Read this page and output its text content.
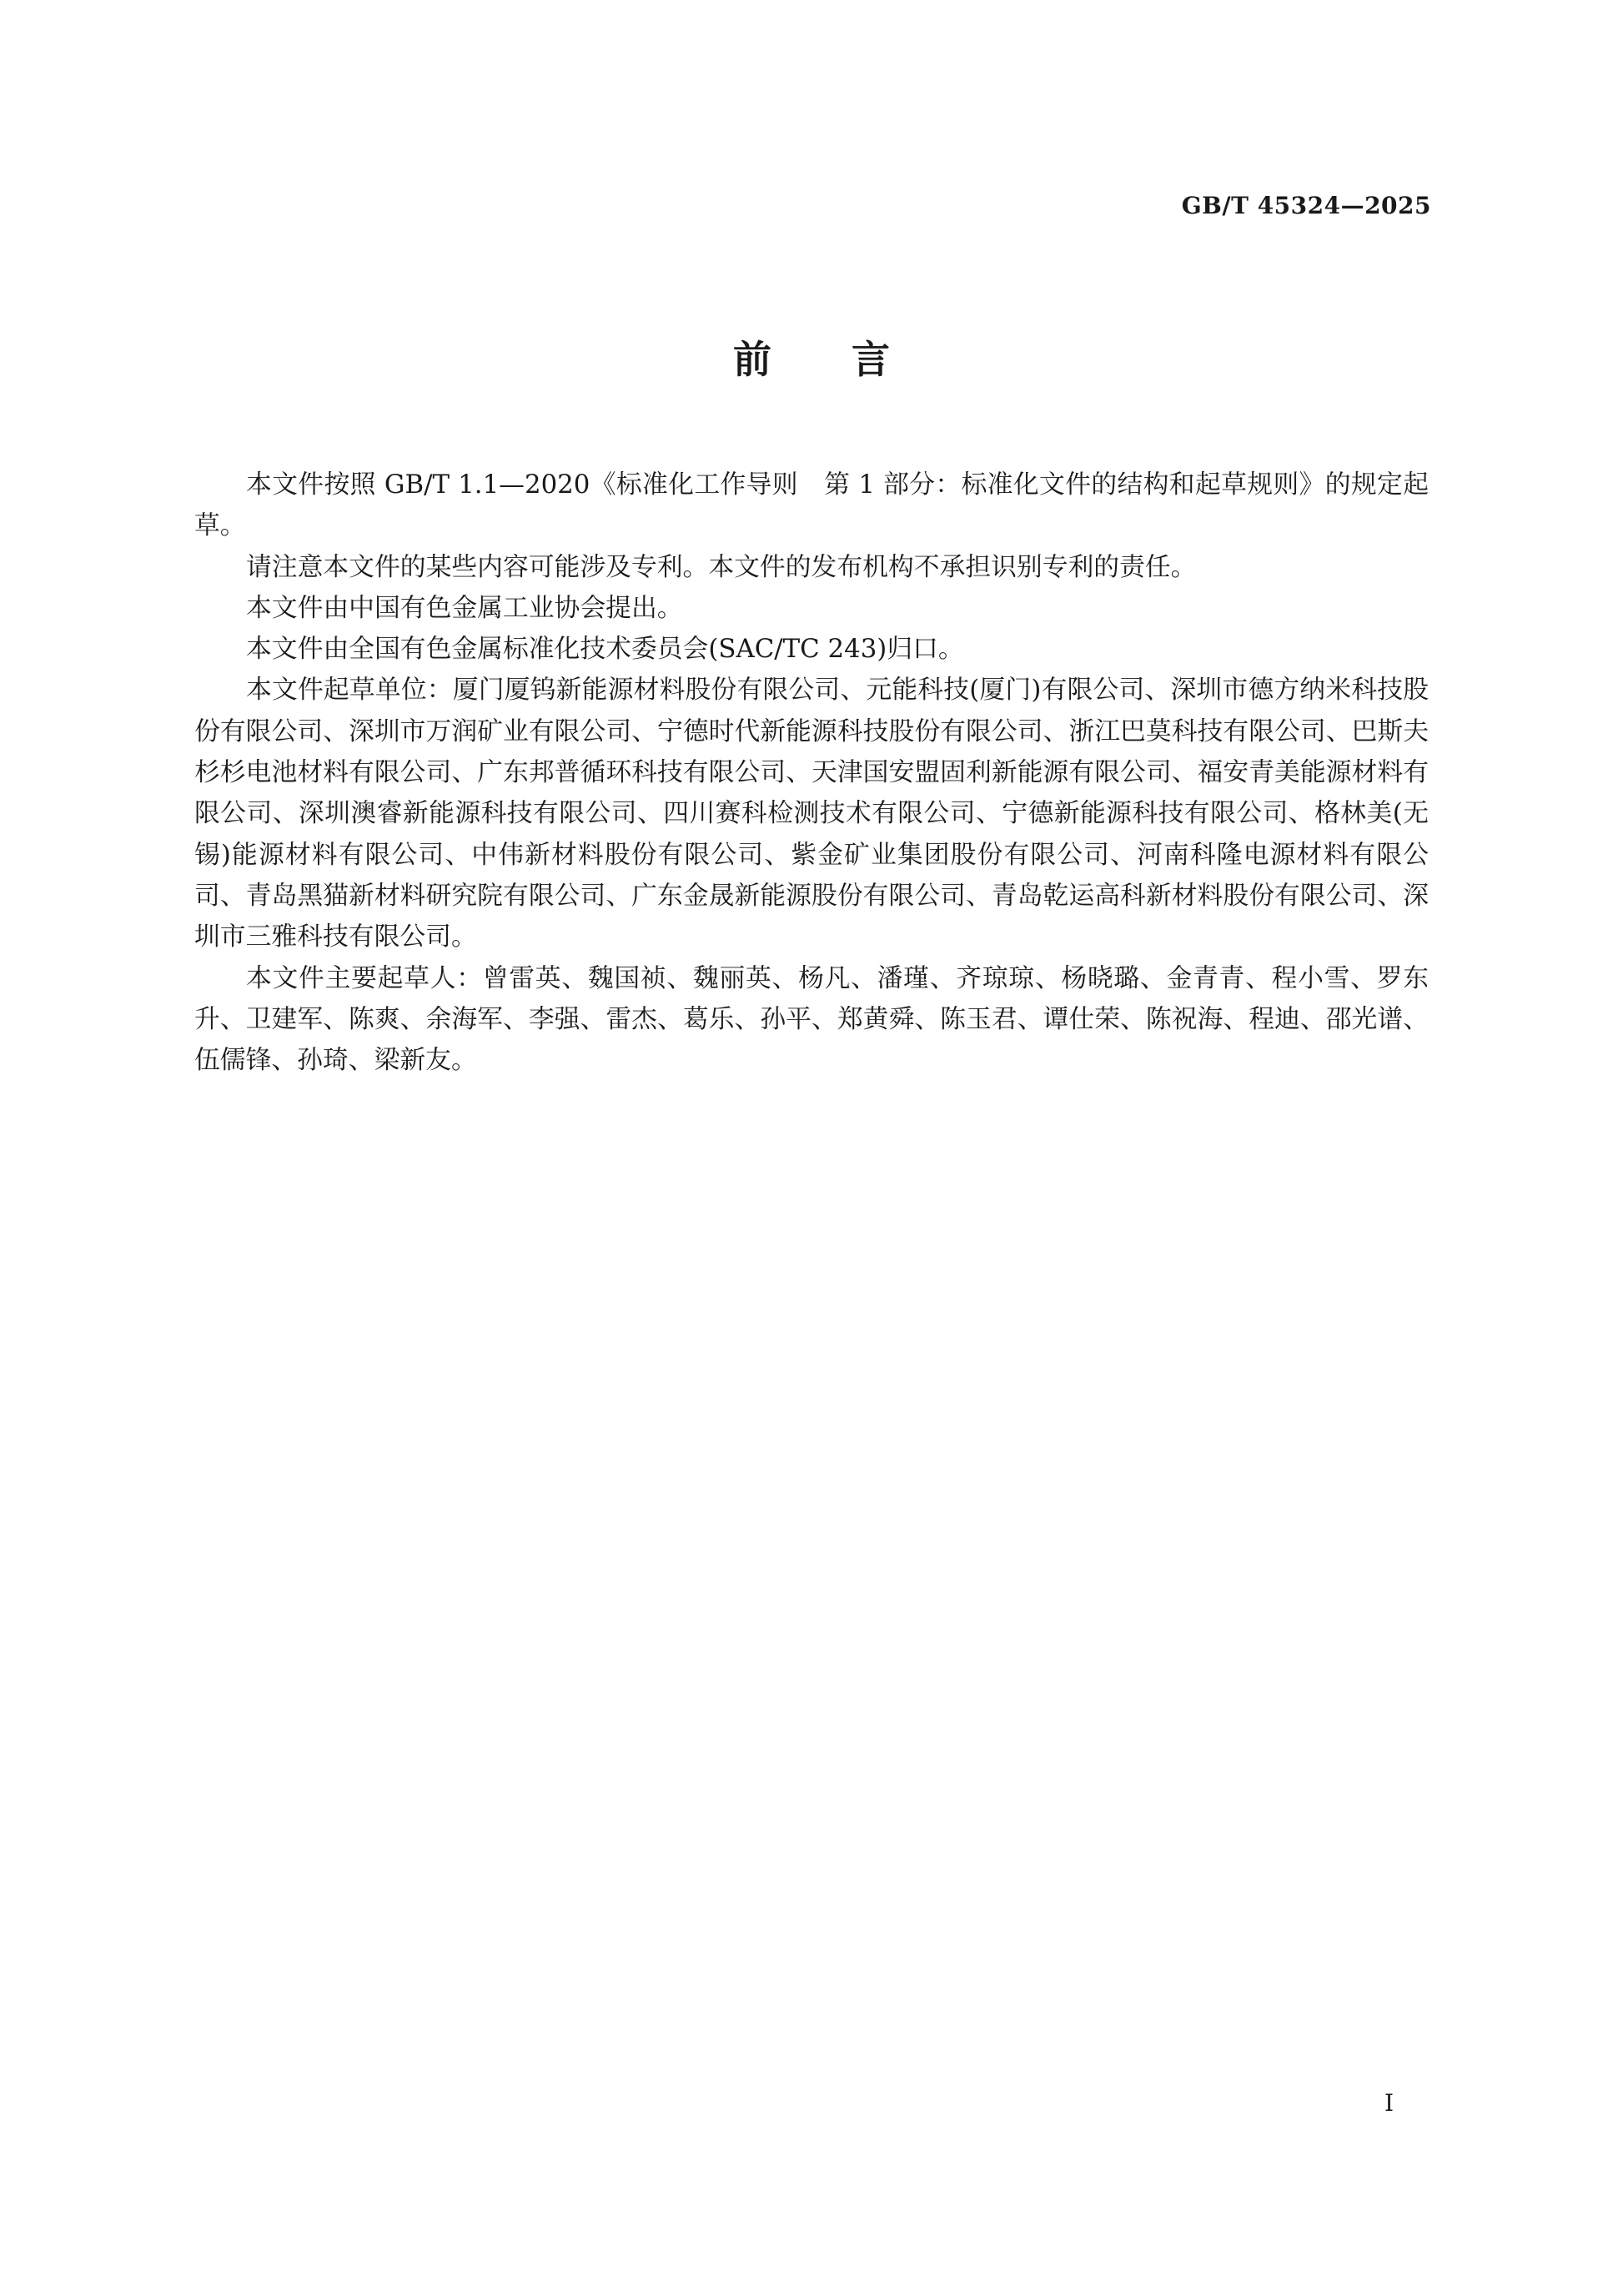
GB/T 45324—2025
前言

本文件按照 GB/T 1.1—2020《标准化工作导则　第 1 部分：标准化文件的结构和起草规则》的规定起草。

请注意本文件的某些内容可能涉及专利。本文件的发布机构不承担识别专利的责任。

本文件由中国有色金属工业协会提出。

本文件由全国有色金属标准化技术委员会(SAC/TC 243)归口。

本文件起草单位：厦门厦钨新能源材料股份有限公司、元能科技(厦门)有限公司、深圳市德方纳米科技股份有限公司、深圳市万润矿业有限公司、宁德时代新能源科技股份有限公司、浙江巴莫科技有限公司、巴斯夫杉杉电池材料有限公司、广东邦普循环科技有限公司、天津国安盟固利新能源有限公司、福安青美能源材料有限公司、深圳澳睿新能源科技有限公司、四川赛科检测技术有限公司、宁德新能源科技有限公司、格林美(无锡)能源材料有限公司、中伟新材料股份有限公司、紫金矿业集团股份有限公司、河南科隆电源材料有限公司、青岛黑猫新材料研究院有限公司、广东金晟新能源股份有限公司、青岛乾运高科新材料股份有限公司、深圳市三雅科技有限公司。

本文件主要起草人：曾雷英、魏国祯、魏丽英、杨凡、潘瑾、齐琼琼、杨晓璐、金青青、程小雪、罗东升、卫建军、陈爽、余海军、李强、雷杰、葛乐、孙平、郑黄舜、陈玉君、谭仕荣、陈祝海、程迪、邵光谱、伍儒锋、孙琦、梁新友。

I
